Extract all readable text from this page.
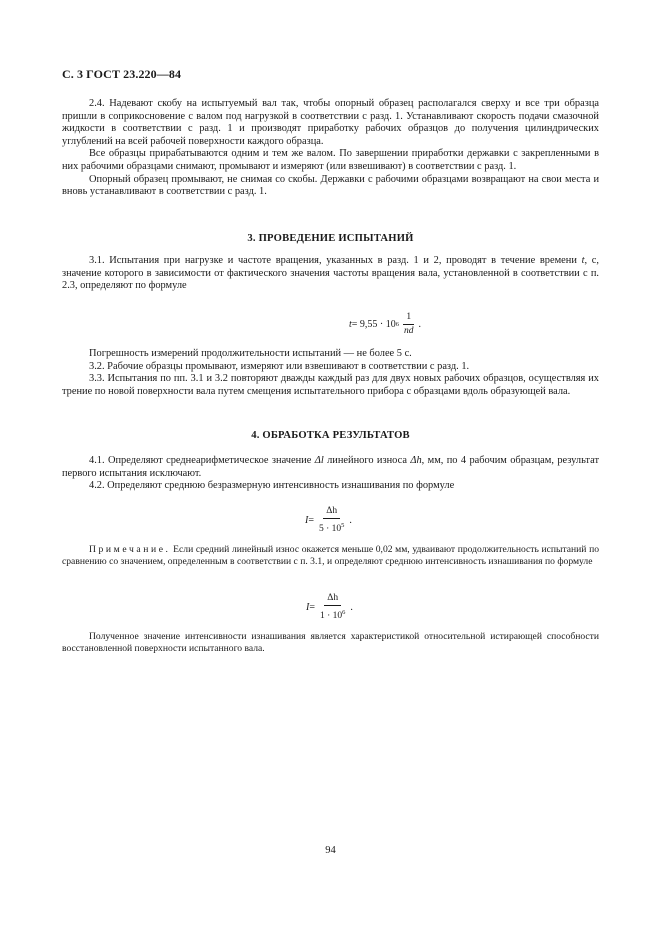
С. 3 ГОСТ 23.220—84

2.4. Надевают скобу на испытуемый вал так, чтобы опорный образец располагался сверху и все три образца пришли в соприкосновение с валом под нагрузкой в соответствии с разд. 1. Устанавливают скорость подачи смазочной жидкости в соответствии с разд. 1 и производят приработку рабочих образцов до получения цилиндрических углублений на всей рабочей поверхности каждого образца.

Все образцы прирабатываются одним и тем же валом. По завершении приработки державки с закрепленными в них рабочими образцами снимают, промывают и измеряют (или взвешивают) в соответствии с разд. 1.

Опорный образец промывают, не снимая со скобы. Державки с рабочими образцами возвращают на свои места и вновь устанавливают в соответствии с разд. 1.

3. ПРОВЕДЕНИЕ ИСПЫТАНИЙ

3.1. Испытания при нагрузке и частоте вращения, указанных в разд. 1 и 2, проводят в течение времени t, с, значение которого в зависимости от фактического значения частоты вращения вала, установленной в соответствии с п. 2.3, определяют по формуле

t = 9,55 · 10 $6 \frac{1}{nd}$ .

Погрешность измерений продолжительности испытаний — не более 5 с.

3.2. Рабочие образцы промывают, измеряют или взвешивают в соответствии с разд. 1.

3.3. Испытания по пп. 3.1 и 3.2 повторяют дважды каждый раз для двух новых рабочих образцов, осуществляя их трение по новой поверхности вала путем смещения испытательного прибора с образцами вдоль образующей вала.

4. ОБРАБОТКА РЕЗУЛЬТАТОВ

4.1. Определяют среднеарифметическое значение Δl линейного износа Δh, мм, по 4 рабочим образцам, результат первого испытания исключают.

4.2. Определяют среднюю безразмерную интенсивность изнашивания по формуле

$I = \frac{\Delta h}{5 \cdot 10^5}$ .

Примечание. Если средний линейный износ окажется меньше 0,02 мм, удваивают продолжительность испытаний по сравнению со значением, определенным в соответствии с п. 3.1, и определяют среднюю интенсивность изнашивания по формуле

$I = \frac{\Delta h}{1 \cdot 10^6}$ .

Полученное значение интенсивности изнашивания является характеристикой относительной истирающей способности восстановленной поверхности испытанного вала.

94
